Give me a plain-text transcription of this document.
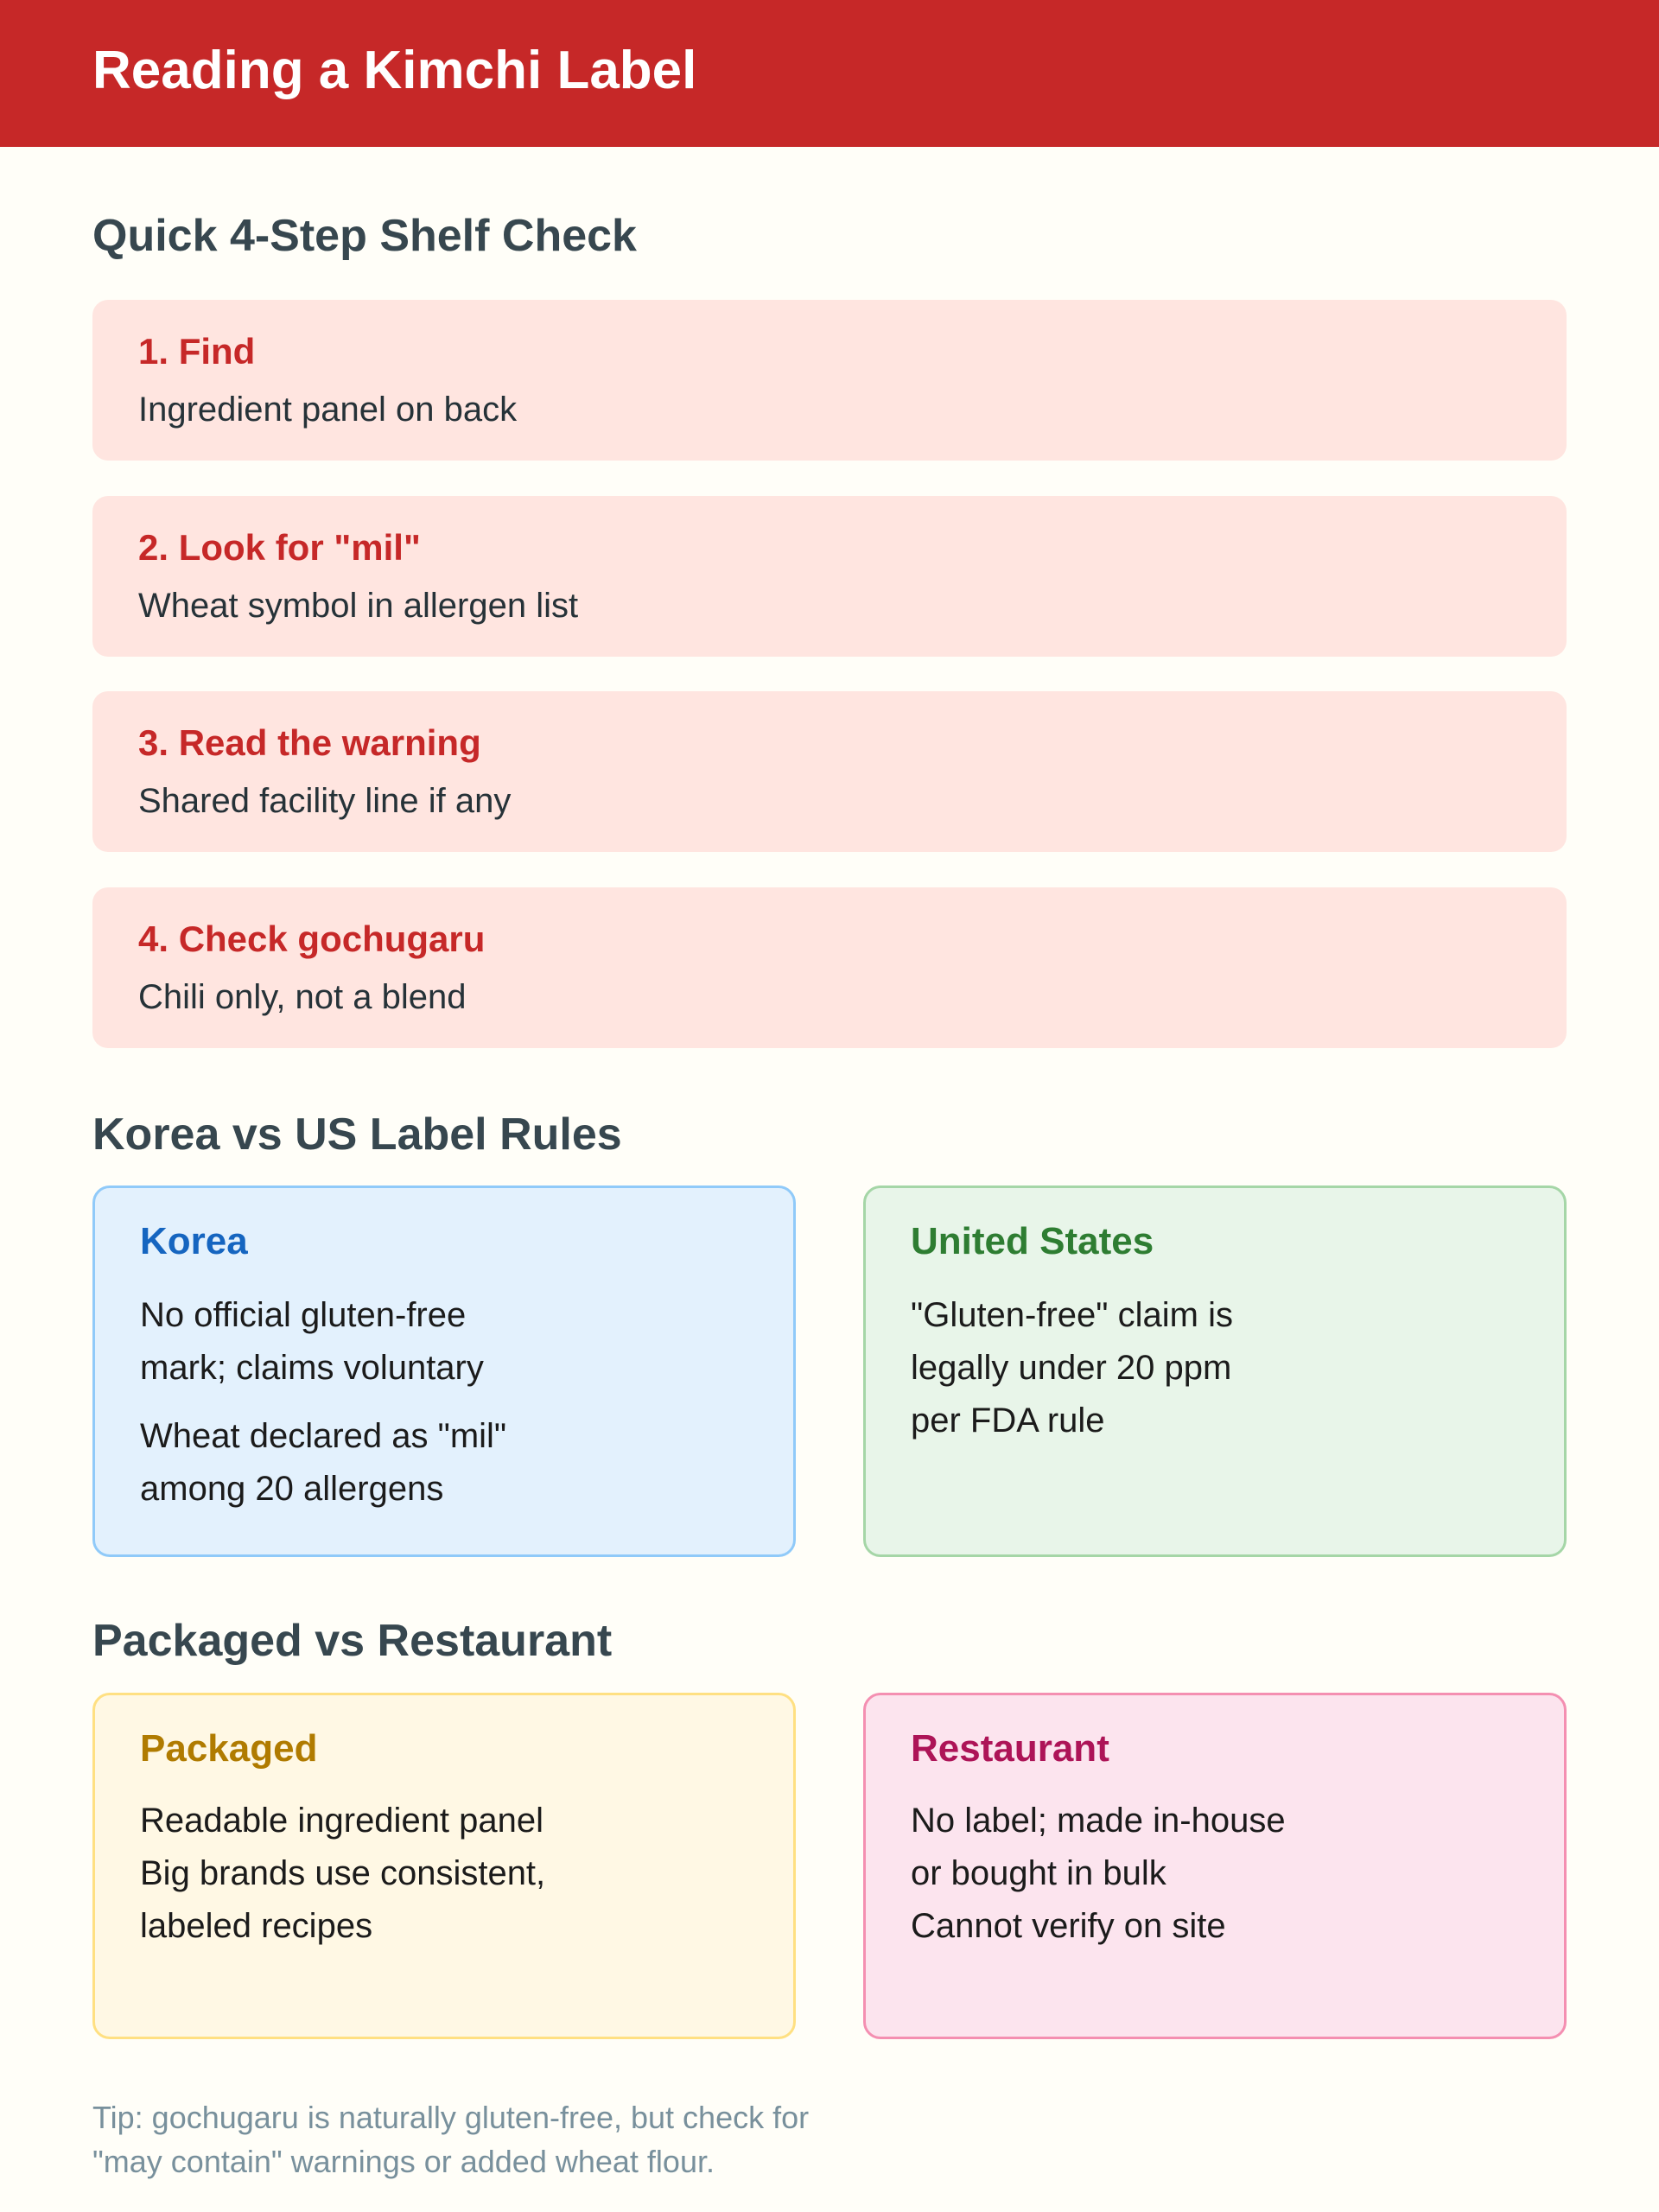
Reading a Kimchi Label
Quick 4-Step Shelf Check
1. Find
Ingredient panel on back
2. Look for "mil"
Wheat symbol in allergen list
3. Read the warning
Shared facility line if any
4. Check gochugaru
Chili only, not a blend
Korea vs US Label Rules
Korea
No official gluten-free
mark; claims voluntary
Wheat declared as "mil"
among 20 allergens
United States
"Gluten-free" claim is
legally under 20 ppm
per FDA rule
Packaged vs Restaurant
Packaged
Readable ingredient panel
Big brands use consistent,
labeled recipes
Restaurant
No label; made in-house
or bought in bulk
Cannot verify on site
Tip: gochugaru is naturally gluten-free, but check for
"may contain" warnings or added wheat flour.
